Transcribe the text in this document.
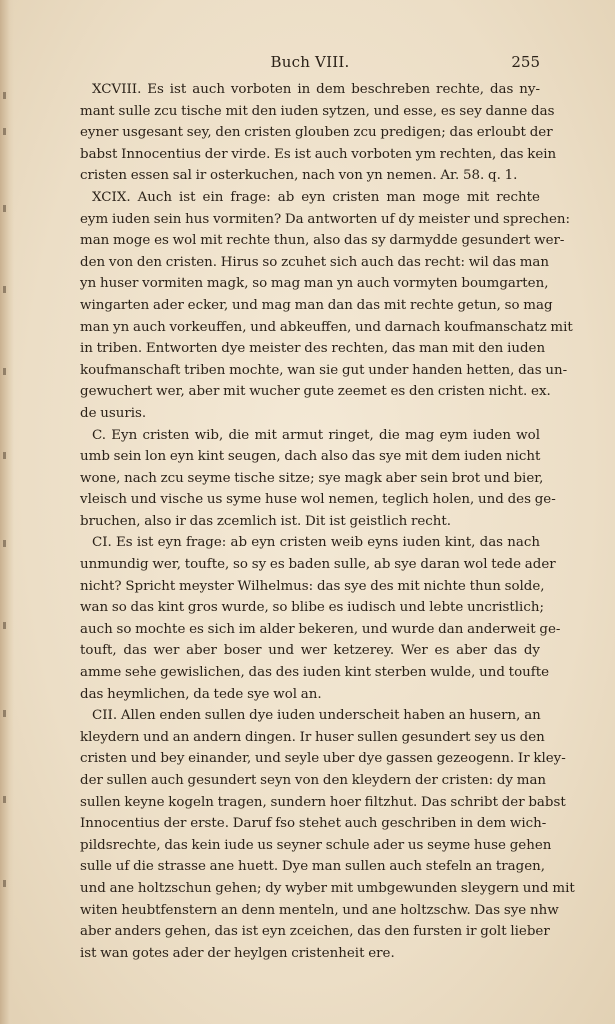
Buch VIII.	255
XCVIII. Es ist auch vorboten in dem beschreben rechte, das ny-
mant sulle zcu tische mit den iuden sytzen, und esse, es sey danne das
eyner usgesant sey, den cristen glouben zcu predigen; das erloubt der
babst Innocentius der virde. Es ist auch vorboten ym rechten, das kein
cristen essen sal ir osterkuchen, nach von yn nemen. Ar. 58. q. 1.
XCIX. Auch ist ein frage: ab eyn cristen man moge mit rechte
eym iuden sein hus vormiten? Da antworten uf dy meister und sprechen:
man moge es wol mit rechte thun, also das sy darmydde gesundert wer-
den von den cristen. Hirus so zcuhet sich auch das recht: wil das man
yn huser vormiten magk, so mag man yn auch vormyten boumgarten,
wingarten ader ecker, und mag man dan das mit rechte getun, so mag
man yn auch vorkeuffen, und abkeuffen, und darnach koufmanschatz mit
in triben. Entworten dye meister des rechten, das man mit den iuden
koufmanschaft triben mochte, wan sie gut under handen hetten, das un-
gewuchert wer, aber mit wucher gute zeemet es den cristen nicht. ex.
de usuris.
C. Eyn cristen wib, die mit armut ringet, die mag eym iuden wol
umb sein lon eyn kint seugen, dach also das sye mit dem iuden nicht
wone, nach zcu seyme tische sitze; sye magk aber sein brot und bier,
vleisch und vische us syme huse wol nemen, teglich holen, und des ge-
bruchen, also ir das zcemlich ist. Dit ist geistlich recht.
CI. Es ist eyn frage: ab eyn cristen weib eyns iuden kint, das nach
unmundig wer, toufte, so sy es baden sulle, ab sye daran wol tede ader
nicht? Spricht meyster Wilhelmus: das sye des mit nichte thun solde,
wan so das kint gros wurde, so blibe es iudisch und lebte uncristlich;
auch so mochte es sich im alder bekeren, und wurde dan anderweit ge-
touft, das wer aber boser und wer ketzerey. Wer es aber das dy
amme sehe gewislichen, das des iuden kint sterben wulde, und toufte
das heymlichen, da tede sye wol an.
CII. Allen enden sullen dye iuden underscheit haben an husern, an
kleydern und an andern dingen. Ir huser sullen gesundert sey us den
cristen und bey einander, und seyle uber dye gassen gezeogenn. Ir kley-
der sullen auch gesundert seyn von den kleydern der cristen: dy man
sullen keyne kogeln tragen, sundern hoer filtzhut. Das schribt der babst
Innocentius der erste. Daruf fso stehet auch geschriben in dem wich-
pildsrechte, das kein iude us seyner schule ader us seyme huse gehen
sulle uf die strasse ane huett. Dye man sullen auch stefeln an tragen,
und ane holtzschun gehen; dy wyber mit umbgewunden sleygern und mit
witen heubtfenstern an denn menteln, und ane holtzschw. Das sye nhw
aber anders gehen, das ist eyn zceichen, das den fursten ir golt lieber
ist wan gotes ader der heylgen cristenheit ere.
